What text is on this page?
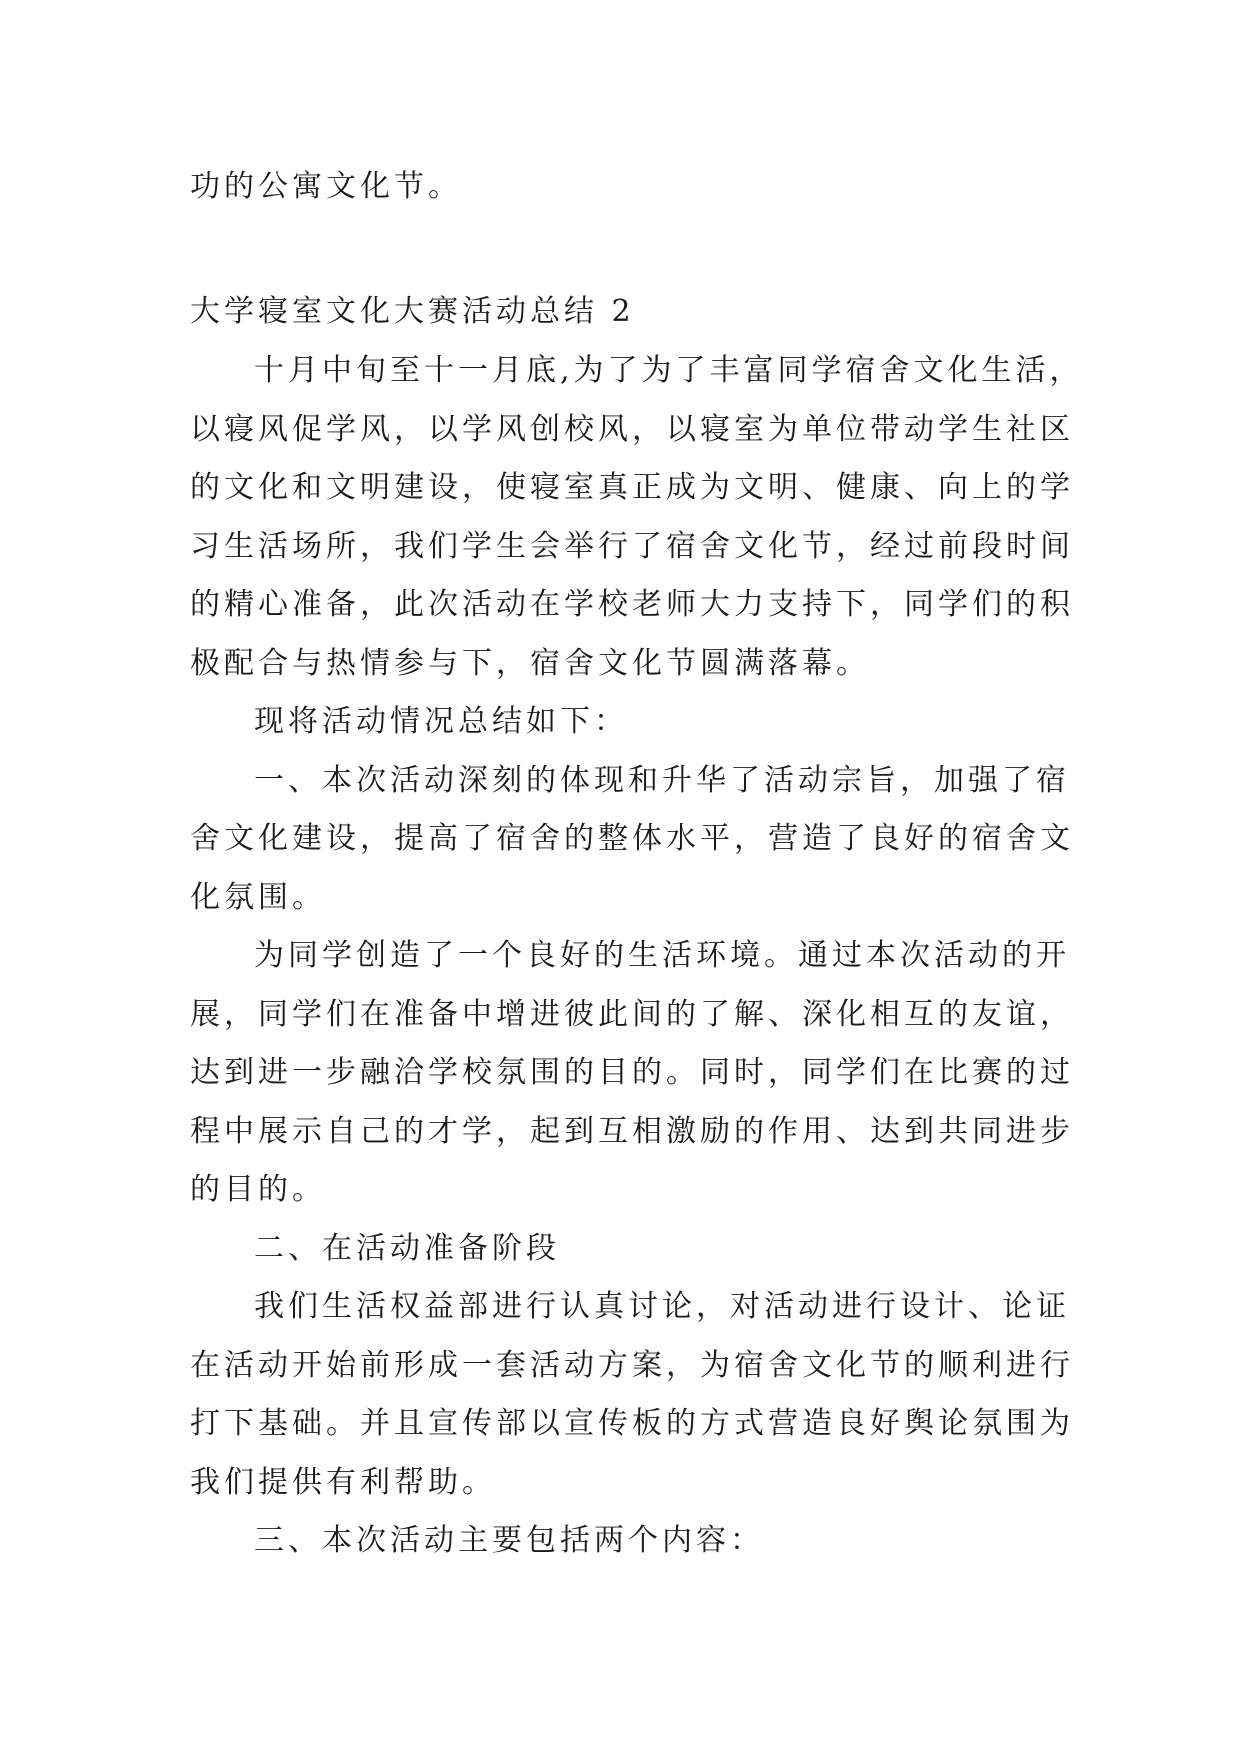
功的公寓文化节。

大学寝室文化大赛活动总结 2

十月中旬至十一月底,为了为了丰富同学宿舍文化生活，
以寝风促学风，以学风创校风，以寝室为单位带动学生社区
的文化和文明建设，使寝室真正成为文明、健康、向上的学
习生活场所，我们学生会举行了宿舍文化节，经过前段时间
的精心准备，此次活动在学校老师大力支持下，同学们的积
极配合与热情参与下，宿舍文化节圆满落幕。
现将活动情况总结如下：
一、本次活动深刻的体现和升华了活动宗旨，加强了宿
舍文化建设，提高了宿舍的整体水平，营造了良好的宿舍文
化氛围。
为同学创造了一个良好的生活环境。通过本次活动的开
展，同学们在准备中增进彼此间的了解、深化相互的友谊，
达到进一步融洽学校氛围的目的。同时，同学们在比赛的过
程中展示自己的才学，起到互相激励的作用、达到共同进步
的目的。
二、在活动准备阶段
我们生活权益部进行认真讨论，对活动进行设计、论证
在活动开始前形成一套活动方案，为宿舍文化节的顺利进行
打下基础。并且宣传部以宣传板的方式营造良好舆论氛围为
我们提供有利帮助。
三、本次活动主要包括两个内容：
